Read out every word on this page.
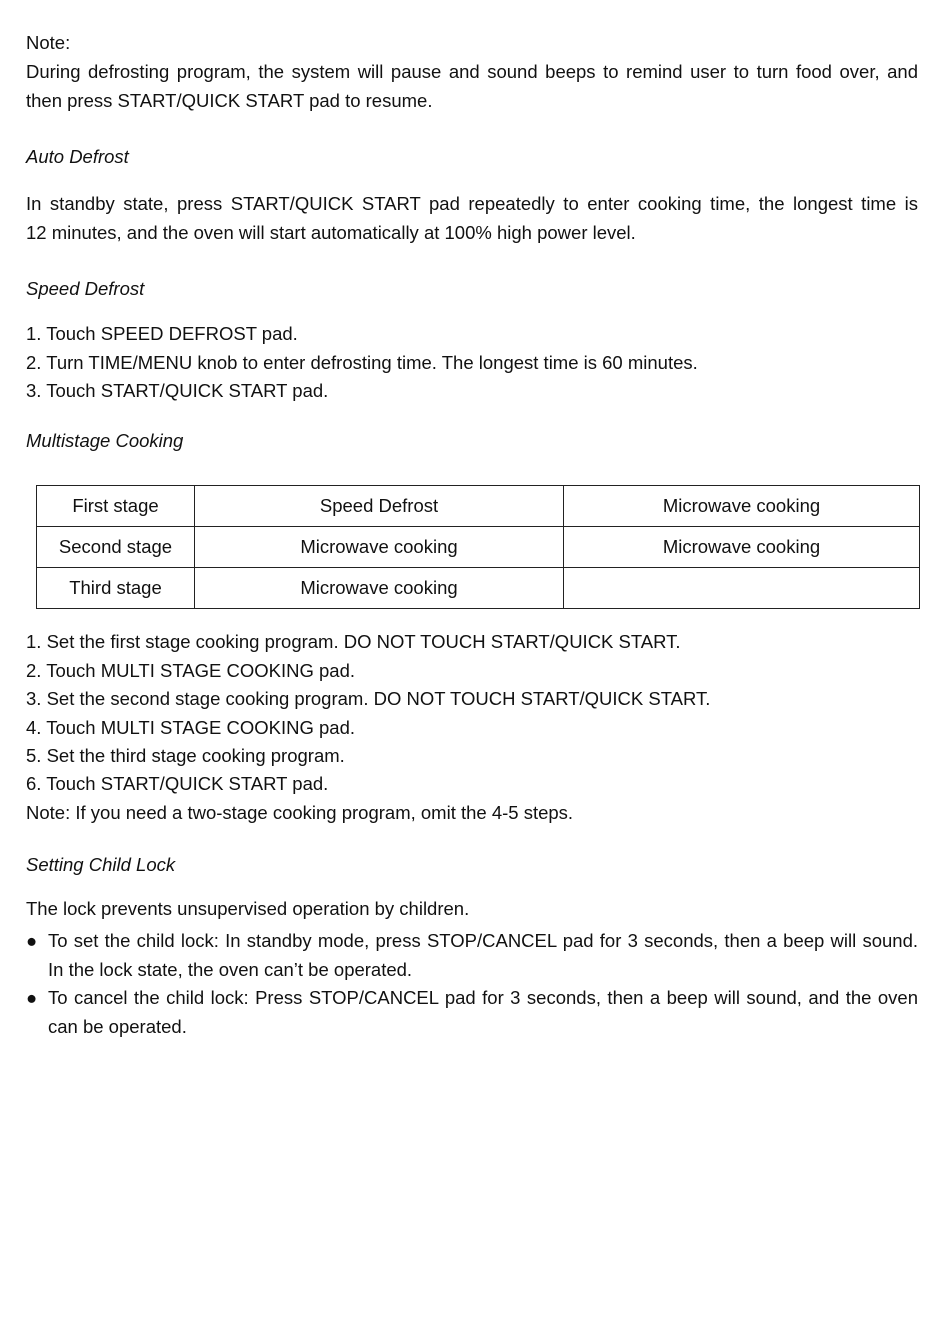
Note:
During defrosting program, the system will pause and sound beeps to remind user to turn food over, and
then press START/QUICK START pad to resume.
Auto Defrost
In standby state, press START/QUICK START pad repeatedly to enter cooking time, the longest time is
12 minutes, and the oven will start automatically at 100% high power level.
Speed Defrost
1. Touch SPEED DEFROST pad.
2. Turn TIME/MENU knob to enter defrosting time. The longest time is 60 minutes.
3. Touch START/QUICK START pad.
Multistage Cooking
First stage	Speed Defrost	Microwave cooking
Second stage	Microwave cooking	Microwave cooking
Third stage	Microwave cooking	
1. Set the first stage cooking program. DO NOT TOUCH START/QUICK START.
2. Touch MULTI STAGE COOKING pad.
3. Set the second stage cooking program. DO NOT TOUCH START/QUICK START.
4. Touch MULTI STAGE COOKING pad.
5. Set the third stage cooking program.
6. Touch START/QUICK START pad.
Note: If you need a two-stage cooking program, omit the 4-5 steps.
Setting Child Lock
The lock prevents unsupervised operation by children.
● To set the child lock: In standby mode, press STOP/CANCEL pad for 3 seconds, then a beep will sound.
In the lock state, the oven can’t be operated.
● To cancel the child lock: Press STOP/CANCEL pad for 3 seconds, then a beep will sound, and the oven
can be operated.
